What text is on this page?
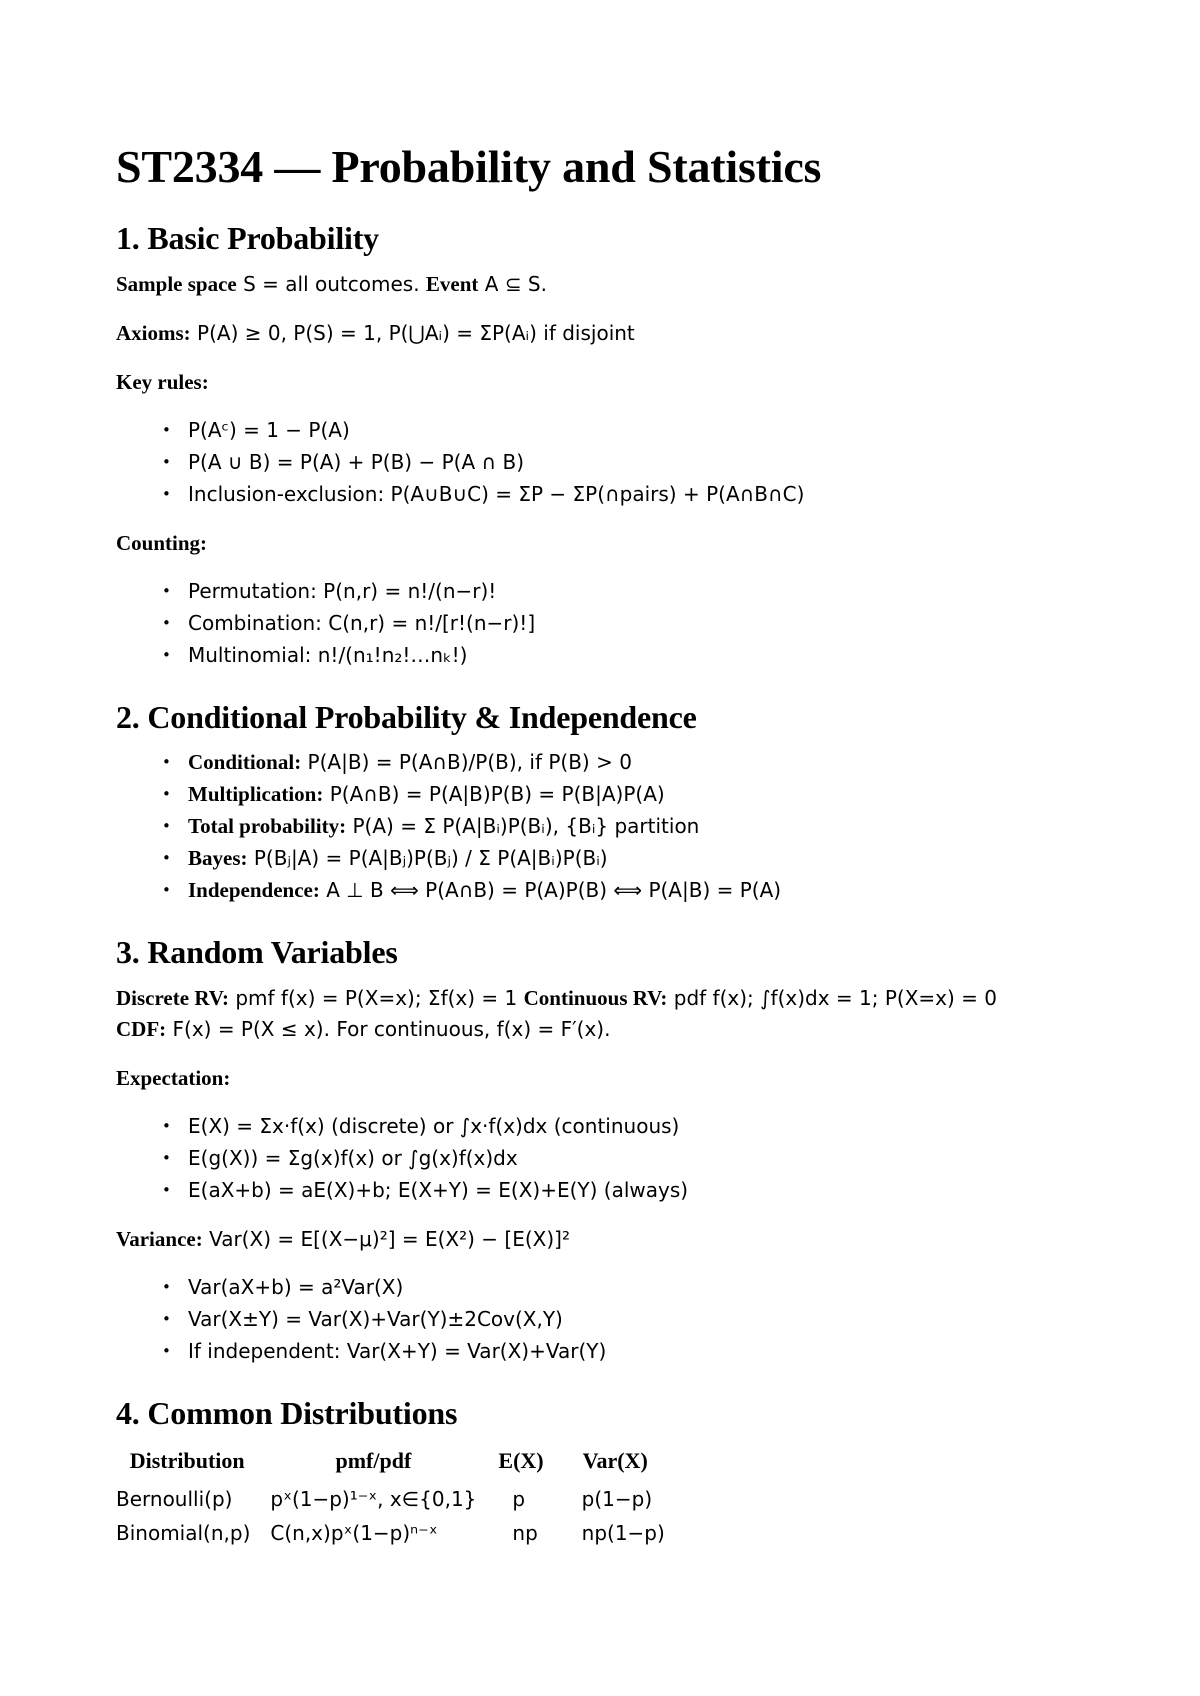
ST2334 — Probability and Statistics
1. Basic Probability

Sample space S = all outcomes. Event A ⊆ S.

Axioms: P(A) ≥ 0, P(S) = 1, P(⋃Aᵢ) = ΣP(Aᵢ) if disjoint

Key rules:

• P(Aᶜ) = 1 − P(A)
• P(A ∪ B) = P(A) + P(B) − P(A ∩ B)
• Inclusion-exclusion: P(A∪B∪C) = ΣP − ΣP(∩pairs) + P(A∩B∩C)

Counting:

• Permutation: P(n,r) = n!/(n−r)!
• Combination: C(n,r) = n!/[r!(n−r)!]
• Multinomial: n!/(n₁!n₂!…nₖ!)
2. Conditional Probability & Independence
• Conditional: P(A|B) = P(A∩B)/P(B), if P(B) > 0
• Multiplication: P(A∩B) = P(A|B)P(B) = P(B|A)P(A)
• Total probability: P(A) = Σ P(A|Bᵢ)P(Bᵢ), {Bᵢ} partition
• Bayes: P(Bⱼ|A) = P(A|Bⱼ)P(Bⱼ) / Σ P(A|Bᵢ)P(Bᵢ)
• Independence: A ⊥ B ⟺ P(A∩B) = P(A)P(B) ⟺ P(A|B) = P(A)
3. Random Variables

Discrete RV: pmf f(x) = P(X=x); Σf(x) = 1 Continuous RV: pdf f(x); ∫f(x)dx = 1; P(X=x) = 0

CDF: F(x) = P(X ≤ x). For continuous, f(x) = F′(x).

Expectation:

• E(X) = Σx·f(x) (discrete) or ∫x·f(x)dx (continuous)
• E(g(X)) = Σg(x)f(x) or ∫g(x)f(x)dx
• E(aX+b) = aE(X)+b; E(X+Y) = E(X)+E(Y) (always)

Variance: Var(X) = E[(X−μ)²] = E(X²) − [E(X)]²

• Var(aX+b) = a²Var(X)
• Var(X±Y) = Var(X)+Var(Y)±2Cov(X,Y)
• If independent: Var(X+Y) = Var(X)+Var(Y)
4. Common Distributions
Distribution	pmf/pdf	E(X)	Var(X)
Bernoulli(p)	pˣ(1−p)¹⁻ˣ, x∈{0,1}	p	p(1−p)
Binomial(n,p)	C(n,x)pˣ(1−p)ⁿ⁻ˣ	np	np(1−p)
